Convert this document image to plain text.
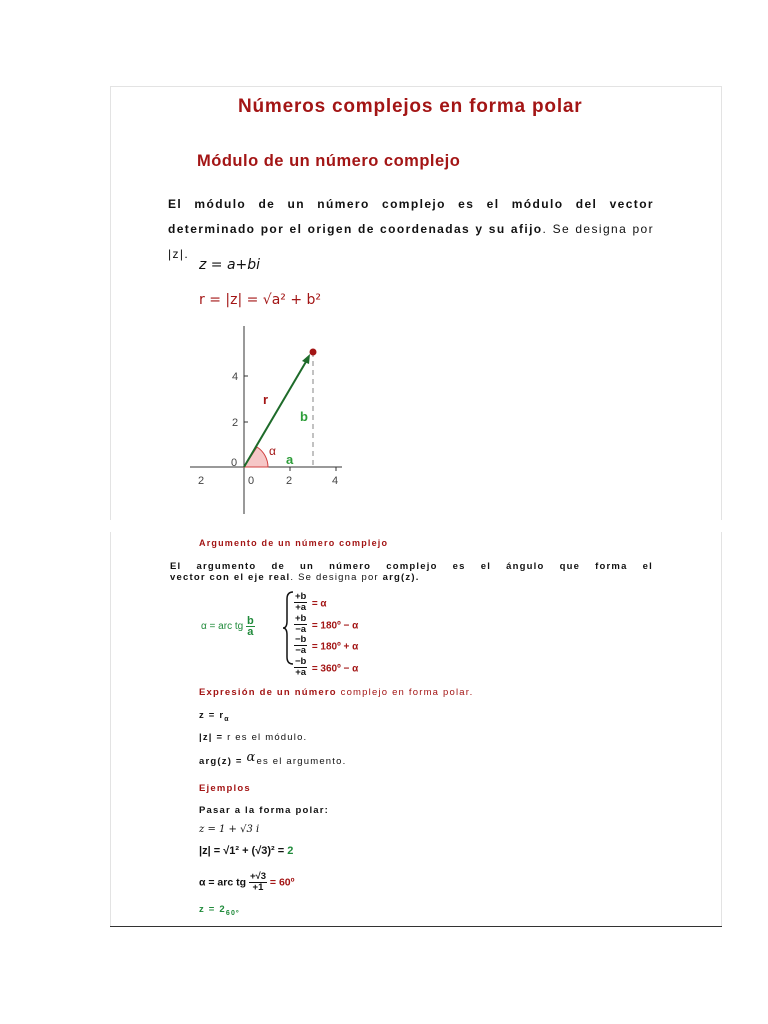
Números complejos en forma polar
Módulo de un número complejo
El módulo de un número complejo es el módulo del vector determinado por el origen de coordenadas y su afijo. Se designa por |z|.
z = a+bi
r = |z| = √a² + b²
4
2
0
2	0	2	4
r
b
α
a
Argumento de un número complejo
El argumento de un número complejo es el ángulo que forma el
vector con el eje real. Se designa por arg(z).
α = arc tg $\frac{b}{a}$
$\frac{+b}{+a} = \alpha$
$\frac{+b}{-a}$ = 180º − α
$\frac{-b}{-a}$ = 180º + α
$\frac{-b}{+a}$ = 360º − α
Expresión de un número complejo en forma polar.
$z = r_\alpha$
|z| = r es el módulo.
arg(z) = αes el argumento.
Ejemplos
Pasar a la forma polar:
z = 1 + √3 i
|z| = √1² + (√3)² = 2
α = arc tg $\frac{+√3}{+1}$ = 60º
$z = 2_{60º}$
